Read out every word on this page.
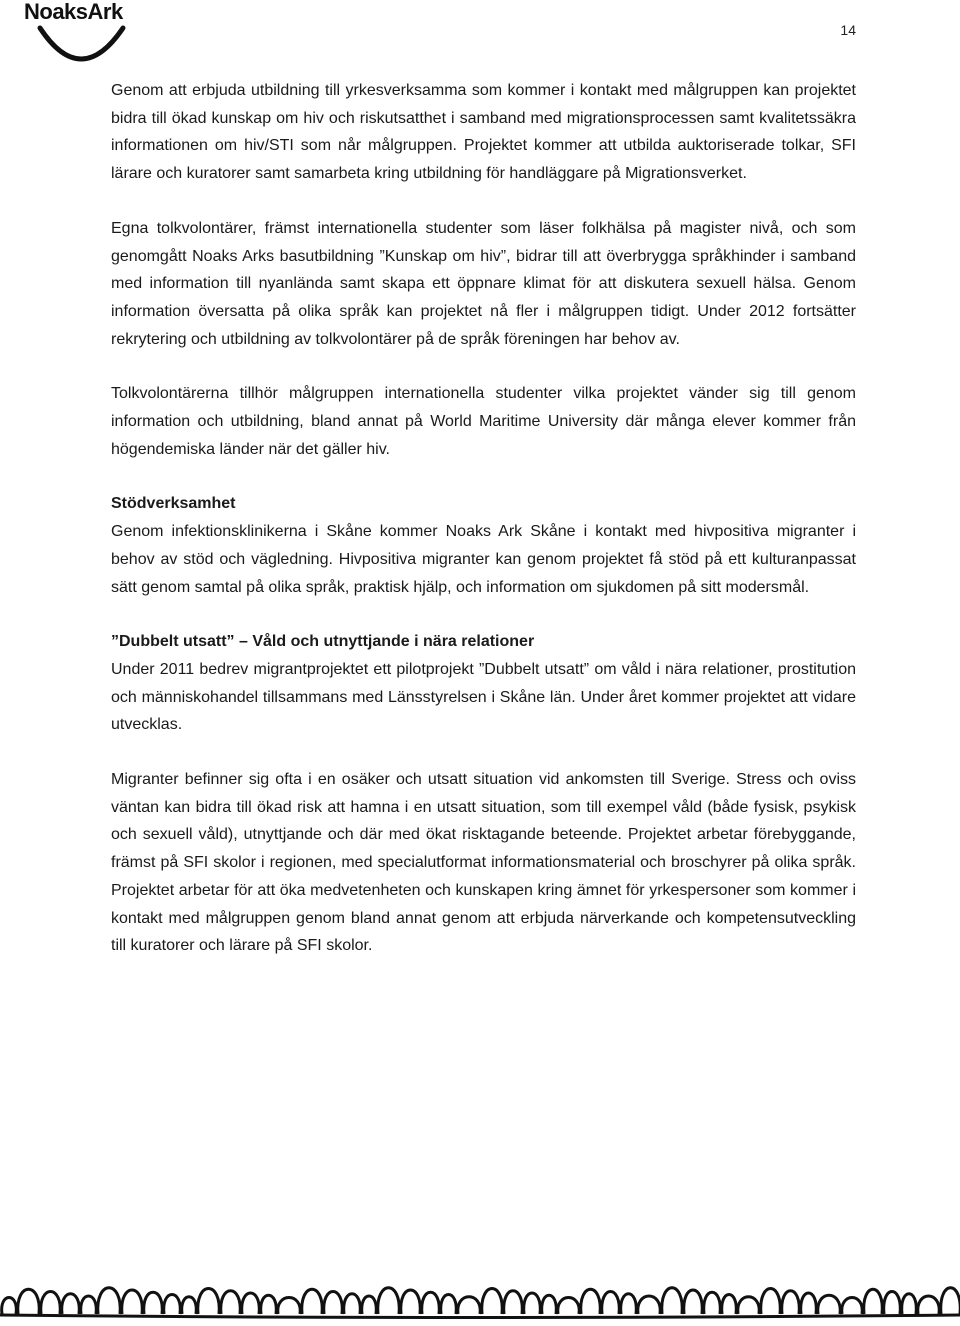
NoaksArk
14

Genom att erbjuda utbildning till yrkesverksamma som kommer i kontakt med målgruppen kan projektet bidra till ökad kunskap om hiv och riskutsatthet i samband med migrationsprocessen samt kvalitetssäkra informationen om hiv/STI som når målgruppen. Projektet kommer att utbilda auktoriserade tolkar, SFI lärare och kuratorer samt samarbeta kring utbildning för handläggare på Migrationsverket.

Egna tolkvolontärer, främst internationella studenter som läser folkhälsa på magister nivå, och som genomgått Noaks Arks basutbildning ”Kunskap om hiv”, bidrar till att överbrygga språkhinder i samband med information till nyanlända samt skapa ett öppnare klimat för att diskutera sexuell hälsa. Genom information översatta på olika språk kan projektet nå fler i målgruppen tidigt. Under 2012 fortsätter rekrytering och utbildning av tolkvolontärer på de språk föreningen har behov av.

Tolkvolontärerna tillhör målgruppen internationella studenter vilka projektet vänder sig till genom information och utbildning, bland annat på World Maritime University där många elever kommer från högendemiska länder när det gäller hiv.

Stödverksamhet

Genom infektionsklinikerna i Skåne kommer Noaks Ark Skåne i kontakt med hivpositiva migranter i behov av stöd och vägledning. Hivpositiva migranter kan genom projektet få stöd på ett kulturanpassat sätt genom samtal på olika språk, praktisk hjälp, och information om sjukdomen på sitt modersmål.

”Dubbelt utsatt” – Våld och utnyttjande i nära relationer

Under 2011 bedrev migrantprojektet ett pilotprojekt ”Dubbelt utsatt” om våld i nära relationer, prostitution och människohandel tillsammans med Länsstyrelsen i Skåne län. Under året kommer projektet att vidare utvecklas.

Migranter befinner sig ofta i en osäker och utsatt situation vid ankomsten till Sverige. Stress och oviss väntan kan bidra till ökad risk att hamna i en utsatt situation, som till exempel våld (både fysisk, psykisk och sexuell våld), utnyttjande och där med ökat risktagande beteende. Projektet arbetar förebyggande, främst på SFI skolor i regionen, med specialutformat informationsmaterial och broschyrer på olika språk. Projektet arbetar för att öka medvetenheten och kunskapen kring ämnet för yrkespersoner som kommer i kontakt med målgruppen genom bland annat genom att erbjuda närverkande och kompetensutveckling till kuratorer och lärare på SFI skolor.
